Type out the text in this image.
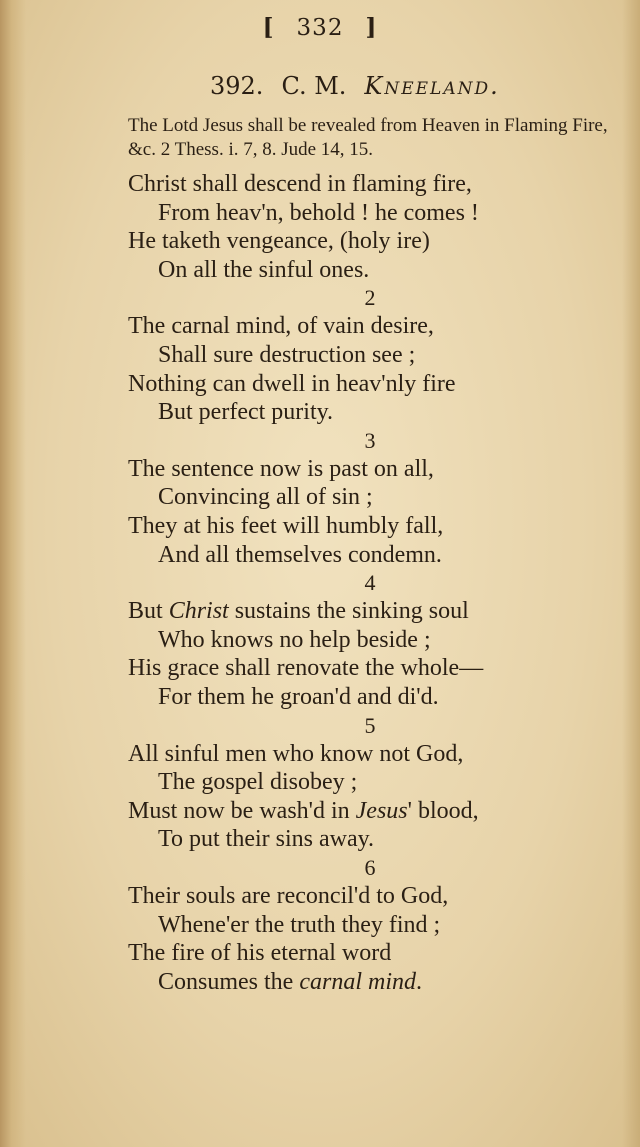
[ 332 ]
392. C. M. Kneeland.
The Lotd Jesus shall be revealed from Heaven in Flaming Fire, &c. 2 Thess. i. 7, 8. Jude 14, 15.
Christ shall descend in flaming fire,
From heav'n, behold ! he comes !
He taketh vengeance, (holy ire)
On all the sinful ones.
2
The carnal mind, of vain desire,
Shall sure destruction see ;
Nothing can dwell in heav'nly fire
But perfect purity.
3
The sentence now is past on all,
Convincing all of sin ;
They at his feet will humbly fall,
And all themselves condemn.
4
But Christ sustains the sinking soul
Who knows no help beside ;
His grace shall renovate the whole—
For them he groan'd and di'd.
5
All sinful men who know not God,
The gospel disobey ;
Must now be wash'd in Jesus' blood,
To put their sins away.
6
Their souls are reconcil'd to God,
Whene'er the truth they find ;
The fire of his eternal word
Consumes the carnal mind.
